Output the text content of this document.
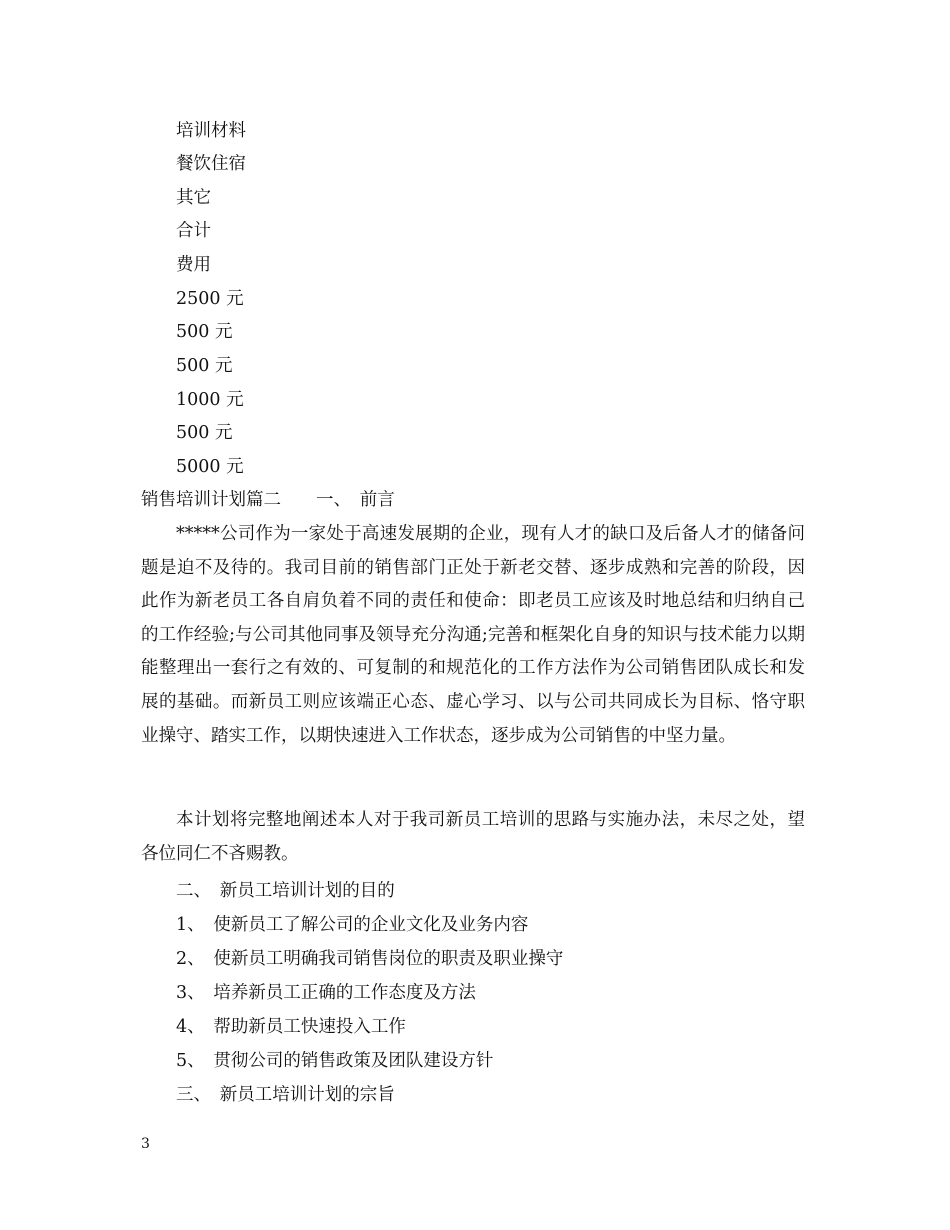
培训材料
餐饮住宿
其它
合计
费用
2500 元
500 元
500 元
1000 元
500 元
5000 元
销售培训计划篇二　　一、　前言
*****公司作为一家处于高速发展期的企业，现有人才的缺口及后备人才的储备问题是迫不及待的。我司目前的销售部门正处于新老交替、逐步成熟和完善的阶段，因此作为新老员工各自肩负着不同的责任和使命：即老员工应该及时地总结和归纳自己的工作经验;与公司其他同事及领导充分沟通;完善和框架化自身的知识与技术能力以期能整理出一套行之有效的、可复制的和规范化的工作方法作为公司销售团队成长和发展的基础。而新员工则应该端正心态、虚心学习、以与公司共同成长为目标、恪守职业操守、踏实工作，以期快速进入工作状态，逐步成为公司销售的中坚力量。
本计划将完整地阐述本人对于我司新员工培训的思路与实施办法，未尽之处，望各位同仁不吝赐教。
二、　新员工培训计划的目的
1、　使新员工了解公司的企业文化及业务内容
2、　使新员工明确我司销售岗位的职责及职业操守
3、　培养新员工正确的工作态度及方法
4、　帮助新员工快速投入工作
5、　贯彻公司的销售政策及团队建设方针
三、　新员工培训计划的宗旨
3
